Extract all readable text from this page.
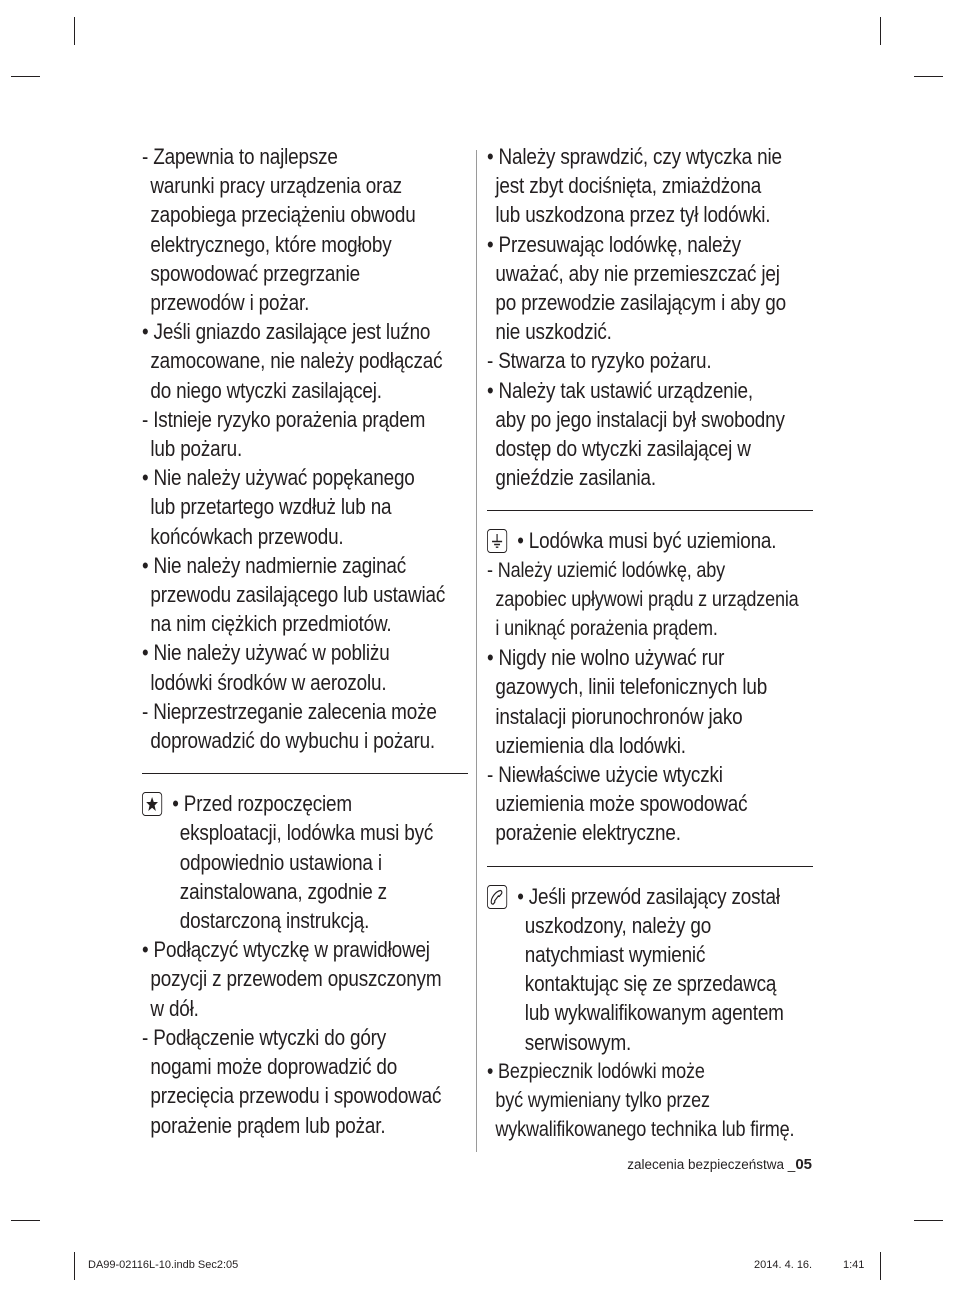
- Zapewnia to najlepsze
warunki pracy urządzenia oraz
zapobiega przeciążeniu obwodu
elektrycznego, które mogłoby
spowodować przegrzanie
przewodów i pożar.
• Jeśli gniazdo zasilające jest luźno
zamocowane, nie należy podłączać
do niego wtyczki zasilającej.
- Istnieje ryzyko porażenia prądem
lub pożaru.
• Nie należy używać popękanego
lub przetartego wzdłuż lub na
końcówkach przewodu.
• Nie należy nadmiernie zaginać
przewodu zasilającego lub ustawiać
na nim ciężkich przedmiotów.
• Nie należy używać w pobliżu
lodówki środków w aerozolu.
- Nieprzestrzeganie zalecenia może
doprowadzić do wybuchu i pożaru.
• Przed rozpoczęciem
eksploatacji, lodówka musi być
odpowiednio ustawiona i
zainstalowana, zgodnie z
dostarczoną instrukcją.
• Podłączyć wtyczkę w prawidłowej
pozycji z przewodem opuszczonym
w dół.
- Podłączenie wtyczki do góry
nogami może doprowadzić do
przecięcia przewodu i spowodować
porażenie prądem lub pożar.
• Należy sprawdzić, czy wtyczka nie
jest zbyt dociśnięta, zmiażdżona
lub uszkodzona przez tył lodówki.
• Przesuwając lodówkę, należy
uważać, aby nie przemieszczać jej
po przewodzie zasilającym i aby go
nie uszkodzić.
- Stwarza to ryzyko pożaru.
• Należy tak ustawić urządzenie,
aby po jego instalacji był swobodny
dostęp do wtyczki zasilającej w
gnieździe zasilania.
• Lodówka musi być uziemiona.
- Należy uziemić lodówkę, aby
zapobiec upływowi prądu z urządzenia
i uniknąć porażenia prądem.
• Nigdy nie wolno używać rur
gazowych, linii telefonicznych lub
instalacji piorunochronów jako
uziemienia dla lodówki.
- Niewłaściwe użycie wtyczki
uziemienia może spowodować
porażenie elektryczne.
• Jeśli przewód zasilający został
uszkodzony, należy go
natychmiast wymienić
kontaktując się ze sprzedawcą
lub wykwalifikowanym agentem
serwisowym.
• Bezpiecznik lodówki może
być wymieniany tylko przez
wykwalifikowanego technika lub firmę.
zalecenia bezpieczeństwa _05
DA99-02116L-10.indb Sec2:05	2014. 4. 16.	1:41
